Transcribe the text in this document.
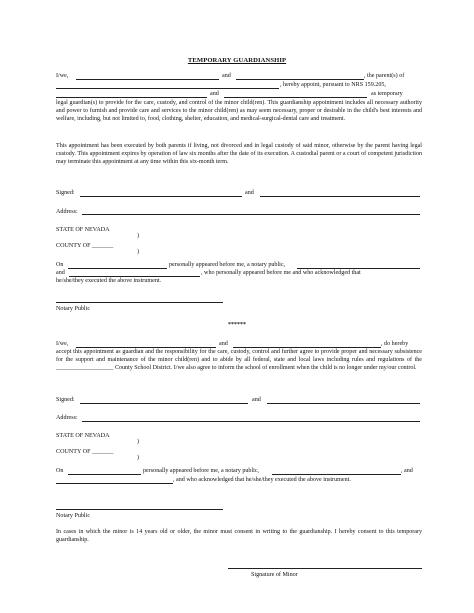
TEMPORARY GUARDIANSHIP
I/we,	and	, the parent(s) of
, hereby appoint, pursuant to NRS 159.205,
and	as temporary
legal guardian(s) to provide for the care, custody, and control of the minor child(ren). This guardianship appointment includes all necessary authority and power to furnish and provide care and services to the minor child(ren) as may seem necessary, proper or desirable in the child's best interests and welfare, including, but not limited to, food, clothing, shelter, education, and medical-surgical-dental care and treatment.
This appointment has been executed by both parents if living, not divorced and in legal custody of said minor, otherwise by the parent having legal custody. This appointment expires by operation of law six months after the date of its execution. A custodial parent or a court of competent jurisdiction may terminate this appointment at any time within this six-month term.
Signed:	and
Address:
STATE OF NEVADA
)
COUNTY OF _______
)
On	personally appeared before me, a notary public,
and	, who personally appeared before me and who acknowledged that
he/she/they executed the above instrument.
Notary Public
******
I/we,	and	, do hereby
accept this appointment as guardian and the responsibility for the care, custody, control and further agree to provide proper and necessary subsistence for the support and maintenance of the minor child(ren) and to abide by all federal, state and local laws including rules and regulations of the ___________________ County School District. I/we also agree to inform the school of enrollment when the child is no longer under my/our control.
Signed:	and
Address:
STATE OF NEVADA
)
COUNTY OF _______
)
On	personally appeared before me, a notary public,	, and
, and who acknowledged that he/she/they executed the above instrument.
Notary Public
In cases in which the minor is 14 years old or older, the minor must consent in writing to the guardianship. I hereby consent to this temporary guardianship.
Signature of Minor
